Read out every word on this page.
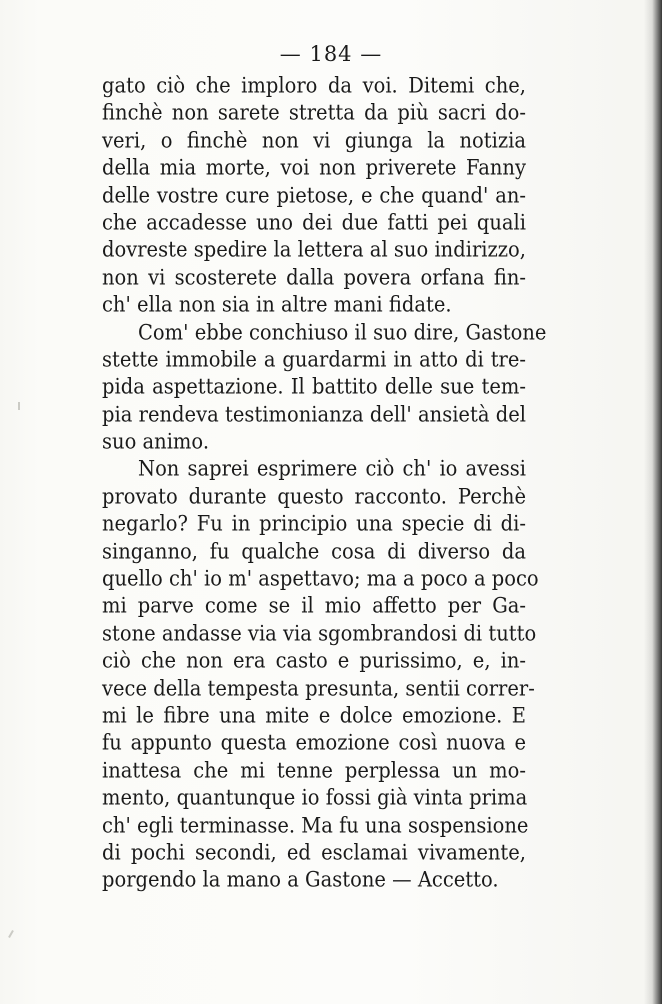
— 184 —
gato ciò che imploro da voi. Ditemi che,
finchè non sarete stretta da più sacri do-
veri, o finchè non vi giunga la notizia
della mia morte, voi non priverete Fanny
delle vostre cure pietose, e che quand' an-
che accadesse uno dei due fatti pei quali
dovreste spedire la lettera al suo indirizzo,
non vi scosterete dalla povera orfana fin-
ch' ella non sia in altre mani fidate.
Com' ebbe conchiuso il suo dire, Gastone
stette immobile a guardarmi in atto di tre-
pida aspettazione. Il battito delle sue tem-
pia rendeva testimonianza dell' ansietà del
suo animo.
Non saprei esprimere ciò ch' io avessi
provato durante questo racconto. Perchè
negarlo? Fu in principio una specie di di-
singanno, fu qualche cosa di diverso da
quello ch' io m' aspettavo; ma a poco a poco
mi parve come se il mio affetto per Ga-
stone andasse via via sgombrandosi di tutto
ciò che non era casto e purissimo, e, in-
vece della tempesta presunta, sentii correr-
mi le fibre una mite e dolce emozione. E
fu appunto questa emozione così nuova e
inattesa che mi tenne perplessa un mo-
mento, quantunque io fossi già vinta prima
ch' egli terminasse. Ma fu una sospensione
di pochi secondi, ed esclamai vivamente,
porgendo la mano a Gastone — Accetto.
